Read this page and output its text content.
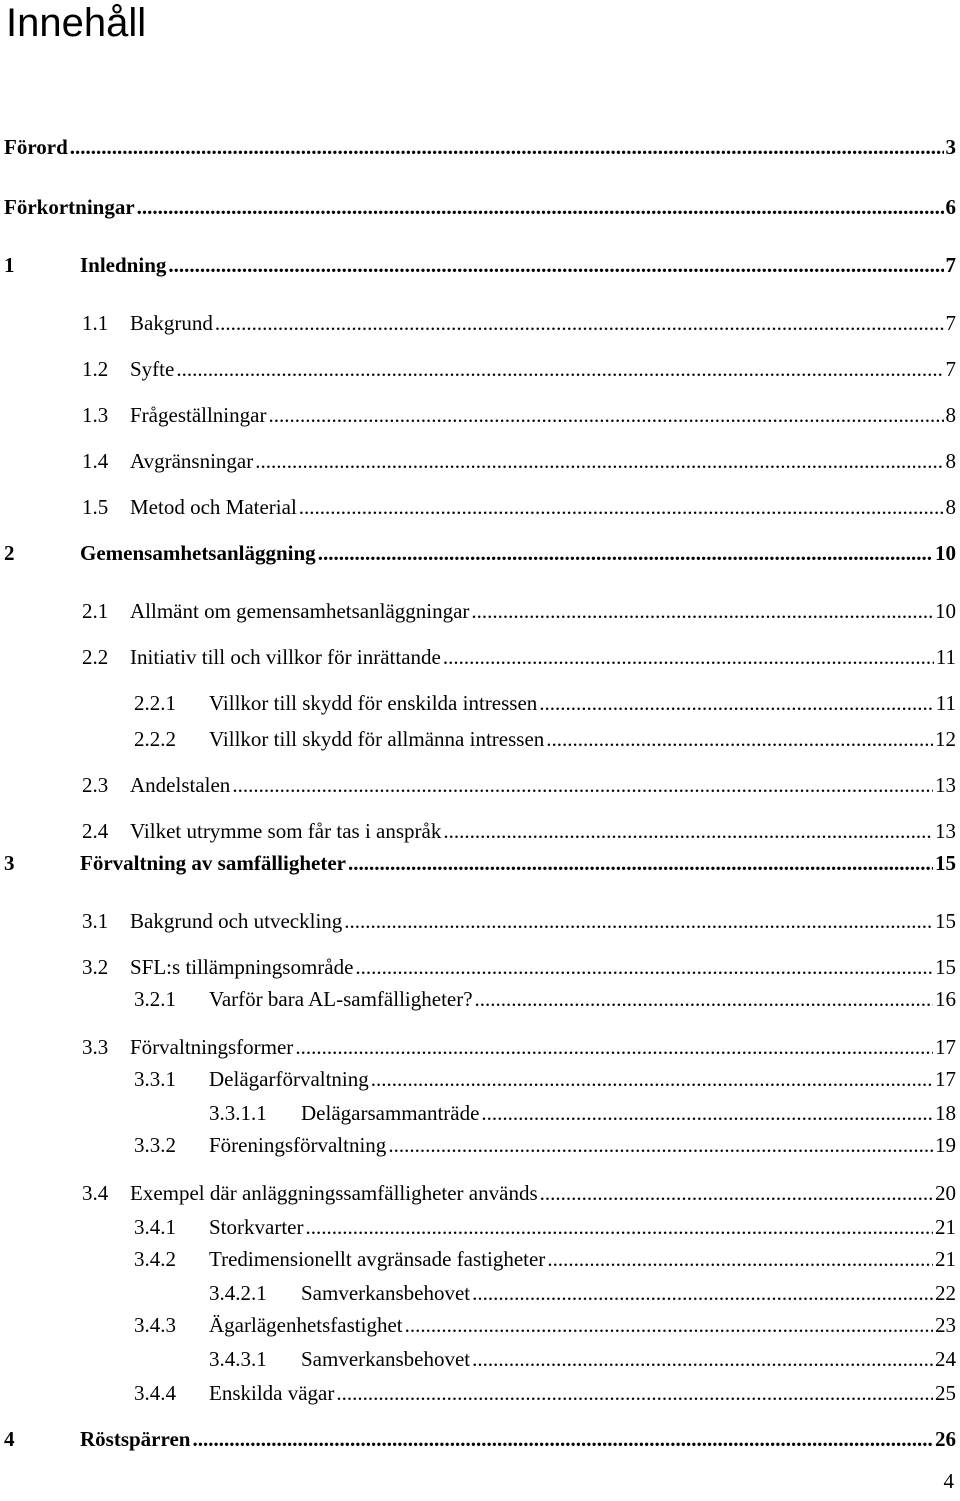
Innehåll
Förord .....	3
Förkortningar .....	6
1	Inledning .....	7
1.1	Bakgrund .....	7
1.2	Syfte .....	7
1.3	Frågeställningar .....	8
1.4	Avgränsningar .....	8
1.5	Metod och Material .....	8
2	Gemensamhetsanläggning .....	10
2.1	Allmänt om gemensamhetsanläggningar .....	10
2.2	Initiativ till och villkor för inrättande .....	11
2.2.1	Villkor till skydd för enskilda intressen .....	11
2.2.2	Villkor till skydd för allmänna intressen .....	12
2.3	Andelstalen .....	13
2.4	Vilket utrymme som får tas i anspråk .....	13
3	Förvaltning av samfälligheter .....	15
3.1	Bakgrund och utveckling .....	15
3.2	SFL:s tillämpningsområde .....	15
3.2.1	Varför bara AL-samfälligheter? .....	16
3.3	Förvaltningsformer .....	17
3.3.1	Delägarförvaltning .....	17
3.3.1.1	Delägarsammanträde .....	18
3.3.2	Föreningsförvaltning .....	19
3.4	Exempel där anläggningssamfälligheter används .....	20
3.4.1	Storkvarter .....	21
3.4.2	Tredimensionellt avgränsade fastigheter .....	21
3.4.2.1	Samverkansbehovet .....	22
3.4.3	Ägarlägenhetsfastighet .....	23
3.4.3.1	Samverkansbehovet .....	24
3.4.4	Enskilda vägar .....	25
4	Röstspärren .....	26
4
